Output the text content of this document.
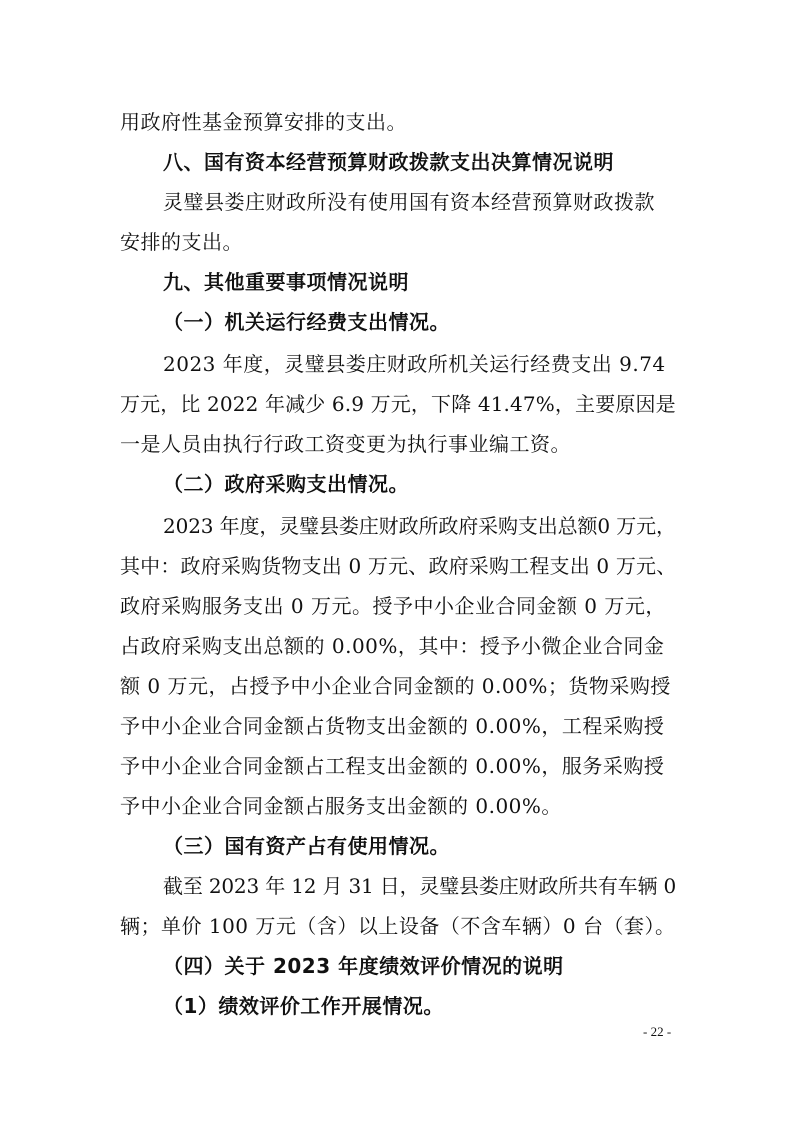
用政府性基金预算安排的支出。
八、国有资本经营预算财政拨款支出决算情况说明
灵璧县娄庄财政所没有使用国有资本经营预算财政拨款
安排的支出。
九、其他重要事项情况说明
（一）机关运行经费支出情况。
2023 年度，灵璧县娄庄财政所机关运行经费支出 9.74
万元，比 2022 年减少 6.9 万元，下降 41.47%，主要原因是
一是人员由执行行政工资变更为执行事业编工资。
（二）政府采购支出情况。
2023 年度，灵璧县娄庄财政所政府采购支出总额0 万元，
其中：政府采购货物支出 0 万元、政府采购工程支出 0 万元、
政府采购服务支出 0 万元。授予中小企业合同金额 0 万元，
占政府采购支出总额的 0.00%，其中：授予小微企业合同金
额 0 万元，占授予中小企业合同金额的 0.00%；货物采购授
予中小企业合同金额占货物支出金额的 0.00%，工程采购授
予中小企业合同金额占工程支出金额的 0.00%，服务采购授
予中小企业合同金额占服务支出金额的 0.00%。
（三）国有资产占有使用情况。
截至 2023 年 12 月 31 日，灵璧县娄庄财政所共有车辆 0
辆；单价 100 万元（含）以上设备（不含车辆）0 台（套）。
（四）关于 2023 年度绩效评价情况的说明
（1）绩效评价工作开展情况。
- 22 -
